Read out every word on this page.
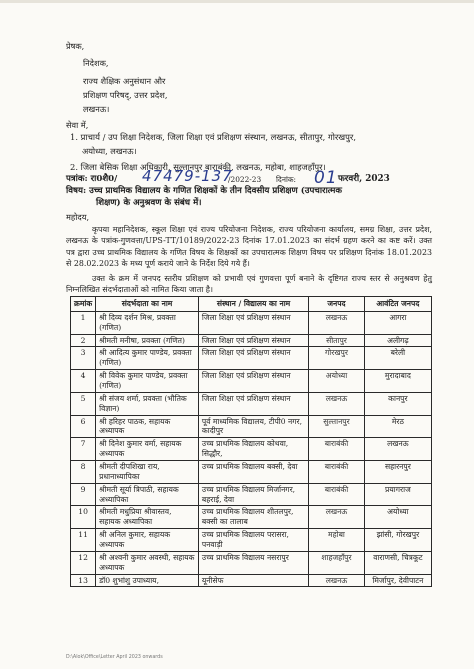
प्रेषक,
निदेशक,
राज्य शैक्षिक अनुसंधान और
प्रशिक्षण परिषद्, उत्तर प्रदेश,
लखनऊ।
सेवा में,
1. प्राचार्य / उप शिक्षा निदेशक, जिला शिक्षा एवं प्रशिक्षण संस्थान, लखनऊ, सीतापुर, गोरखपुर,
अयोध्या, लखनऊ।
2. जिला बेसिक शिक्षा अधिकारी, सुल्तानपुर बाराबंकी, लखनऊ, महोबा, शाहजहाँपुर।
पत्रांक: रा0शै0/ 47479-137
/2022-23 दिनांक: 01 फरवरी, 2023
विषय: उच्च प्राथमिक विद्यालय के गणित शिक्षकों के तीन दिवसीय प्रशिक्षण (उपचारात्मक
शिक्षण) के अनुश्रवण के संबंध में।
महोदय,
कृपया महानिदेशक, स्कूल शिक्षा एवं राज्य परियोजना निदेशक, राज्य परियोजना कार्यालय, समग्र शिक्षा, उत्तर प्रदेश, लखनऊ के पत्रांक-गुणवत्ता/UPS-TT/10189/2022-23 दिनांक 17.01.2023 का संदर्भ ग्रहण करने का कष्ट करें। उक्त पत्र द्वारा उच्च प्राथमिक विद्यालय के गणित विषय के शिक्षकों का उपचारात्मक शिक्षण विषय पर प्रशिक्षण दिनांक 18.01.2023 से 28.02.2023 के मध्य पूर्ण कराये जाने के निर्देश दिये गये हैं।
उक्त के क्रम में जनपद स्तरीय प्रशिक्षण को प्रभावी एवं गुणवत्ता पूर्ण बनाने के दृष्टिगत राज्य स्तर से अनुश्रवण हेतु निम्नलिखित संदर्भदाताओं को नामित किया जाता है।
क्रमांक	संदर्भदाता का नाम	संस्थान / विद्यालय का नाम	जनपद	आवंटित जनपद
1	श्री दिव्य दर्शन मिश्र, प्रवक्ता (गणित)	जिला शिक्षा एवं प्रशिक्षण संस्थान	लखनऊ	आगरा
2	श्रीमती मनीषा, प्रवक्ता (गणित)	जिला शिक्षा एवं प्रशिक्षण संस्थान	सीतापुर	अलीगढ़
3	श्री आदित्य कुमार पाण्डेय, प्रवक्ता (गणित)	जिला शिक्षा एवं प्रशिक्षण संस्थान	गोरखपुर	बरेली
4	श्री विवेक कुमार पाण्डेय, प्रवक्ता (गणित)	जिला शिक्षा एवं प्रशिक्षण संस्थान	अयोध्या	मुरादाबाद
5	श्री संजय शर्मा, प्रवक्ता (भौतिक विज्ञान)	जिला शिक्षा एवं प्रशिक्षण संस्थान	लखनऊ	कानपुर
6	श्री हरिहर पाठक, सहायक अध्यापक	पूर्व माध्यमिक विद्यालय, टीपी0 नगर, कादीपुर	सुल्तानपुर	मेरठ
7	श्री दिनेश कुमार वर्मा, सहायक अध्यापक	उच्च प्राथमिक विद्यालय कोथवा, सिद्धौर,	बाराबंकी	लखनऊ
8	श्रीमती दीपशिखा राय, प्रधानाध्यापिका	उच्च प्राथमिक विद्यालय बक्सी, देवा	बाराबंकी	सहारनपुर
9	श्रीमती सूर्या त्रिपाठी, सहायक अध्यापिका	उच्च प्राथमिक विद्यालय मिर्जानगर, बहराई, देवा	बाराबंकी	प्रयागराज
10	श्रीमती मधुप्रिया श्रीवास्तव, सहायक अध्यापिका	उच्च प्राथमिक विद्यालय शीतलपुर, बक्सी का तालाब	लखनऊ	अयोध्या
11	श्री अनिल कुमार, सहायक अध्यापक	उच्च प्राथमिक विद्यालय परासरा, पनवाड़ी	महोबा	झांसी, गोरखपुर
12	श्री अश्वनी कुमार अवस्थी, सहायक अध्यापक	उच्च प्राथमिक विद्यालय नसरापुर	शाहजहाँपुर	वाराणसी, चित्रकूट
13	डॉ0 शुभांशु उपाध्याय,	यूनीसेफ	लखनऊ	मिर्जापुर, देवीपाटन
D:\Alok\Office\Letter April 2023 onwards
